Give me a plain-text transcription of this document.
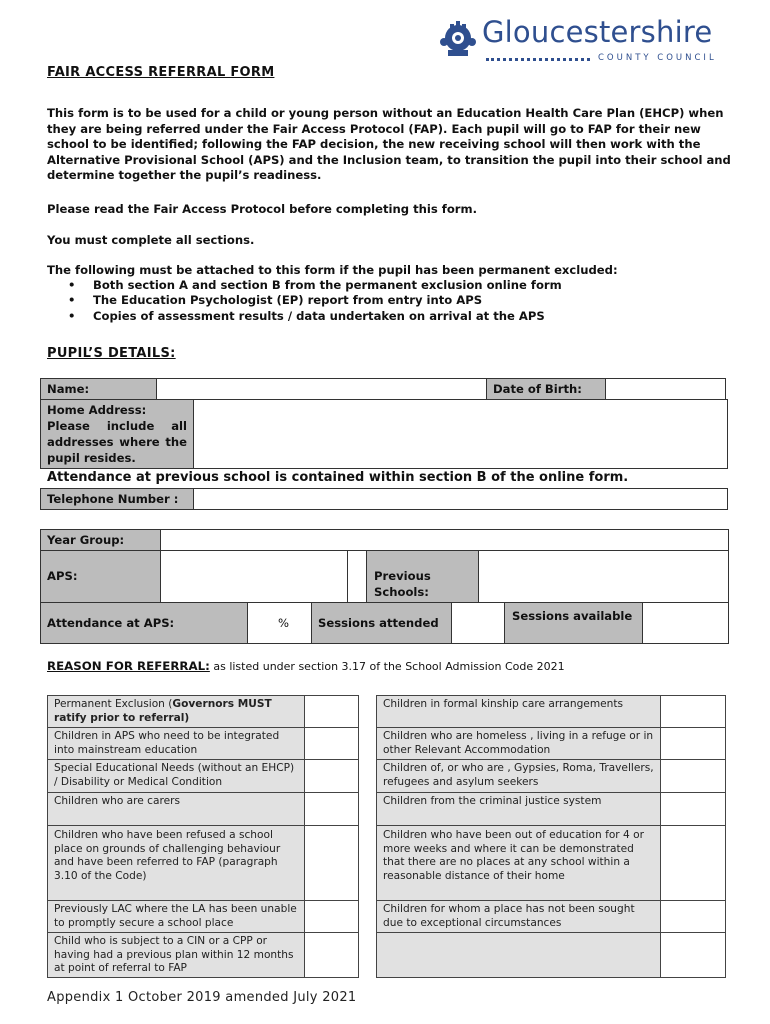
Gloucestershire
COUNTY COUNCIL
FAIR ACCESS REFERRAL FORM
This form is to be used for a child or young person without an Education Health Care Plan (EHCP) when they are being referred under the Fair Access Protocol (FAP). Each pupil will go to FAP for their new school to be identified; following the FAP decision, the new receiving school will then work with the Alternative Provisional School (APS) and the Inclusion team, to transition the pupil into their school and determine together the pupil’s readiness.
Please read the Fair Access Protocol before completing this form.
You must complete all sections.
The following must be attached to this form if the pupil has been permanent excluded:
• Both section A and section B from the permanent exclusion online form
• The Education Psychologist (EP) report from entry into APS
• Copies of assessment results / data undertaken on arrival at the APS
PUPIL’S DETAILS:
Name:	Date of Birth:
Home Address:
Please include all addresses where the pupil resides.
Attendance at previous school is contained within section B of the online form.
Telephone Number :
Year Group:
APS:	Previous Schools:
Attendance at APS:	%	Sessions attended	Sessions available
REASON FOR REFERRAL: as listed under section 3.17 of the School Admission Code 2021
Permanent Exclusion (Governors MUST ratify prior to referral)
Children in APS who need to be integrated into mainstream education
Special Educational Needs (without an EHCP) / Disability or Medical Condition
Children who are carers
Children who have been refused a school place on grounds of challenging behaviour and have been referred to FAP (paragraph 3.10 of the Code)
Previously LAC where the LA has been unable to promptly secure a school place
Child who is subject to a CIN or a CPP or having had a previous plan within 12 months at point of referral to FAP
Children in formal kinship care arrangements
Children who are homeless , living in a refuge or in other Relevant Accommodation
Children of, or who are , Gypsies, Roma, Travellers, refugees and asylum seekers
Children from the criminal justice system
Children who have been out of education for 4 or more weeks and where it can be demonstrated that there are no places at any school within a reasonable distance of their home
Children for whom a place has not been sought due to exceptional circumstances
Appendix 1 October 2019 amended July 2021
